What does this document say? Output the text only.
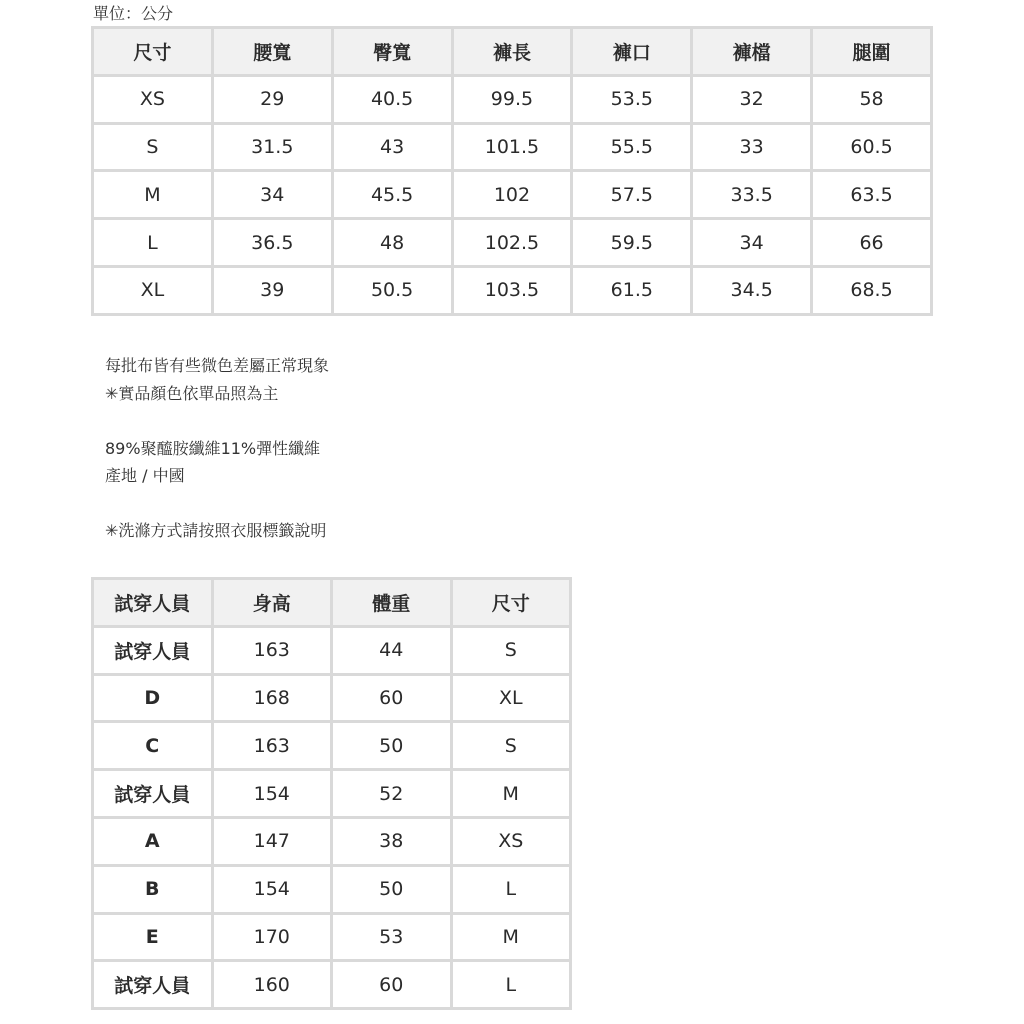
單位：公分
尺寸	腰寬	臀寬	褲長	褲口	褲檔	腿圍
XS	29	40.5	99.5	53.5	32	58
S	31.5	43	101.5	55.5	33	60.5
M	34	45.5	102	57.5	33.5	63.5
L	36.5	48	102.5	59.5	34	66
XL	39	50.5	103.5	61.5	34.5	68.5
每批布皆有些微色差屬正常現象
✳實品顏色依單品照為主
89%聚醯胺纖維11%彈性纖維
產地 / 中國
✳洗滌方式請按照衣服標籤說明
試穿人員	身高	體重	尺寸
試穿人員	163	44	S
D	168	60	XL
C	163	50	S
試穿人員	154	52	M
A	147	38	XS
B	154	50	L
E	170	53	M
試穿人員	160	60	L
